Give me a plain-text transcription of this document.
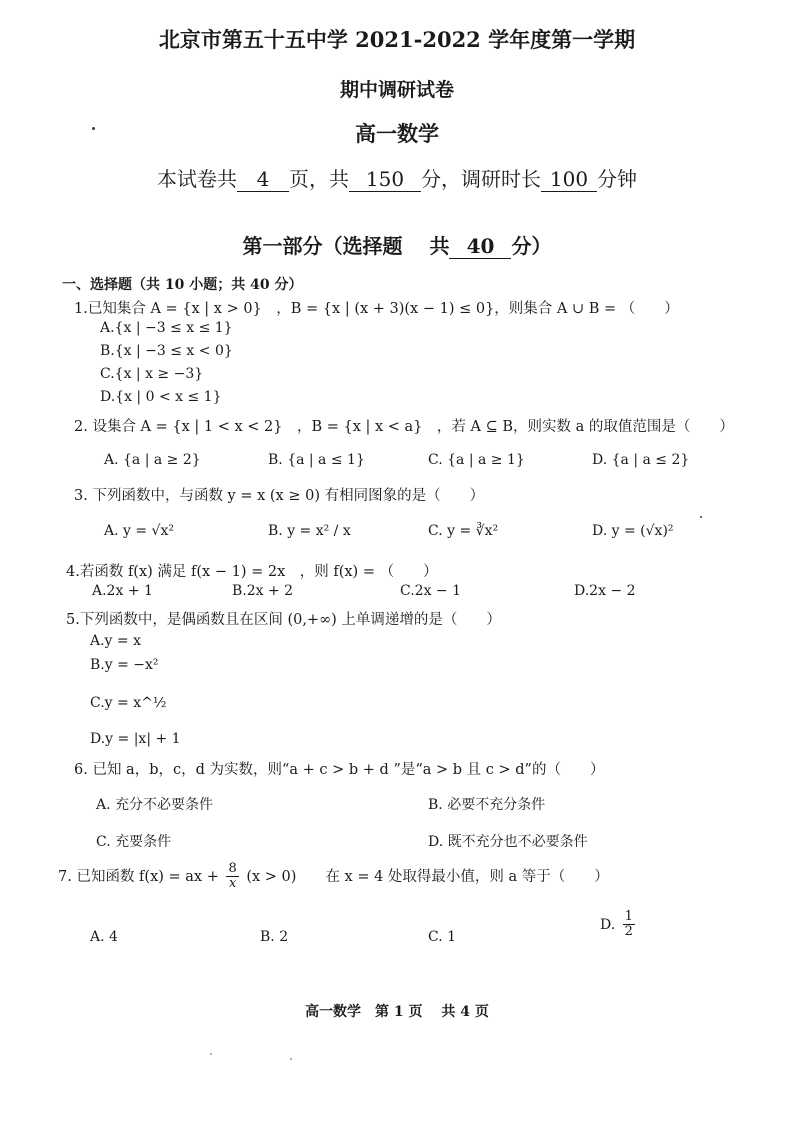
北京市第五十五中学 2021-2022 学年度第一学期
期中调研试卷
高一数学
本试卷共 4 页，共 150 分，调研时长 100 分钟
第一部分（选择题　 共 40 分）
一、选择题（共 10 小题；共 40 分）
1.已知集合 A = {x | x > 0}　，B = {x | (x + 3)(x − 1) ≤ 0}，则集合 A ∪ B = （　　）
A.{x | −3 ≤ x ≤ 1}
B.{x | −3 ≤ x < 0}
C.{x | x ≥ −3}
D.{x | 0 < x ≤ 1}
2. 设集合 A = {x | 1 < x < 2}　，B = {x | x < a}　，若 A ⊆ B，则实数 a 的取值范围是（　　）
A. {a | a ≥ 2}	B. {a | a ≤ 1}	C. {a | a ≥ 1}	D. {a | a ≤ 2}
3. 下列函数中，与函数 y = x (x ≥ 0) 有相同图象的是（　　）
A. y = √x²	B. y = x² / x	C. y = ∛x²	D. y = (√x)²
4.若函数 f(x) 满足 f(x − 1) = 2x　，则 f(x) = （　　）
A.2x + 1	B.2x + 2	C.2x − 1	D.2x − 2
5.下列函数中，是偶函数且在区间 (0,+∞) 上单调递增的是（　　）
A.y = x
B.y = −x²
C.y = x^½
D.y = |x| + 1
6. 已知 a，b，c，d 为实数，则“a + c > b + d ”是“a > b 且 c > d”的（　　）
A. 充分不必要条件	B. 必要不充分条件
C. 充要条件	D. 既不充分也不必要条件
7. 已知函数 f(x) = ax + $\frac{8}{x} (x > 0)$　　在 x = 4 处取得最小值，则 a 等于（　　）
A. 4	B. 2	C. 1
D. $\frac{1}{2}$
高一数学　第 1 页　 共 4 页
